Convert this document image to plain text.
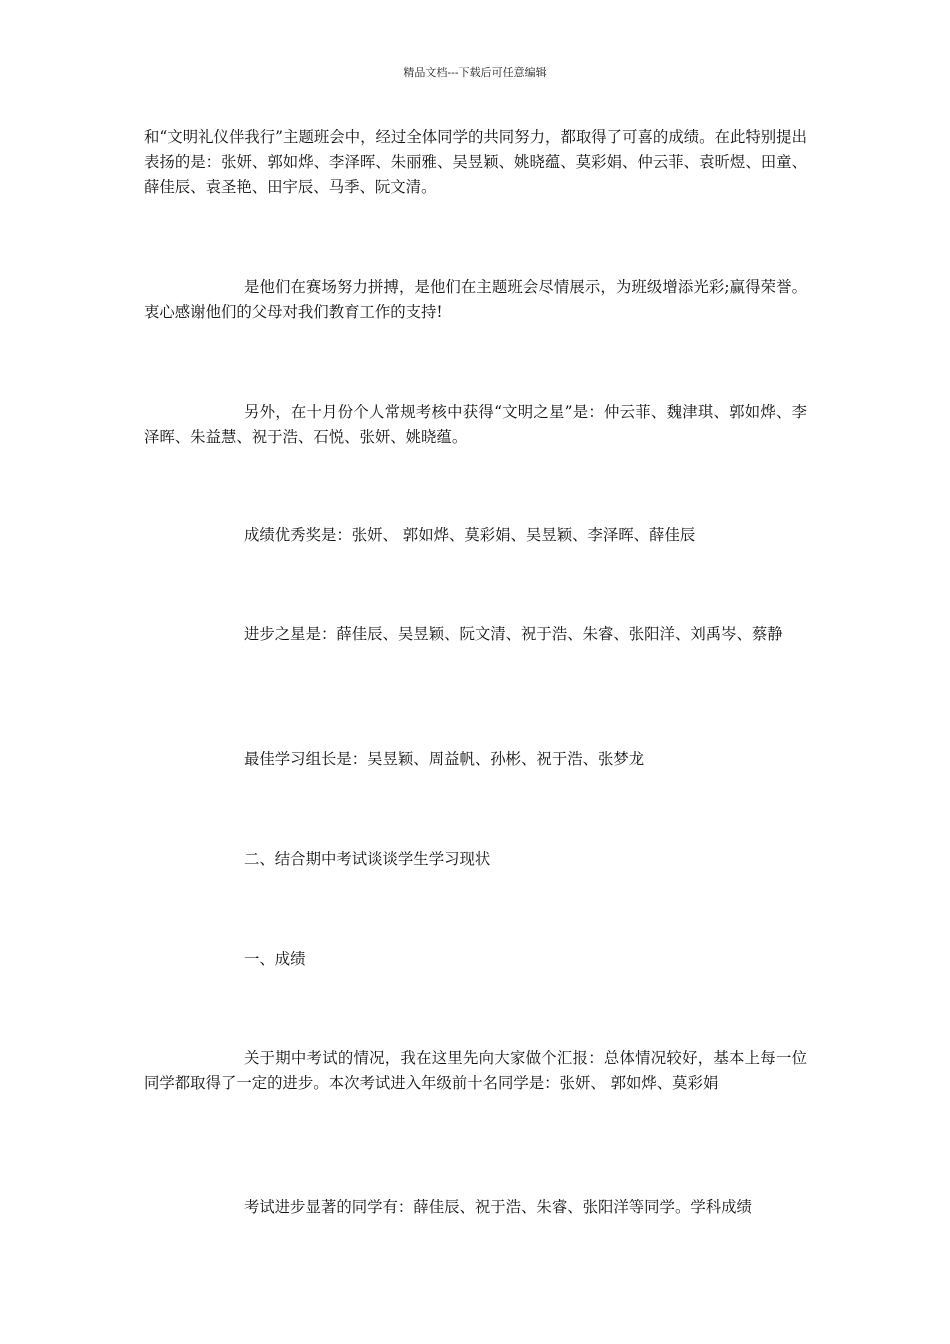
精品文档---下载后可任意编辑

和“文明礼仪伴我行”主题班会中，经过全体同学的共同努力，都取得了可喜的成绩。在此特别提出表扬的是：张妍、郭如烨、李泽晖、朱丽雅、吴昱颖、姚晓蕴、莫彩娟、仲云菲、袁昕煜、田童、薛佳辰、袁圣艳、田宇辰、马季、阮文清。

是他们在赛场努力拼搏，是他们在主题班会尽情展示，为班级增添光彩;赢得荣誉。衷心感谢他们的父母对我们教育工作的支持!

另外，在十月份个人常规考核中获得“文明之星”是：仲云菲、魏津琪、郭如烨、李泽晖、朱益慧、祝于浩、石悦、张妍、姚晓蕴。

成绩优秀奖是：张妍、 郭如烨、莫彩娟、吴昱颖、李泽晖、薛佳辰

进步之星是：薛佳辰、吴昱颖、阮文清、祝于浩、朱睿、张阳洋、刘禹岑、蔡静

最佳学习组长是：吴昱颖、周益帆、孙彬、祝于浩、张梦龙

二、结合期中考试谈谈学生学习现状

一、成绩

关于期中考试的情况，我在这里先向大家做个汇报：总体情况较好，基本上每一位同学都取得了一定的进步。本次考试进入年级前十名同学是：张妍、 郭如烨、莫彩娟

考试进步显著的同学有：薛佳辰、祝于浩、朱睿、张阳洋等同学。学科成绩
